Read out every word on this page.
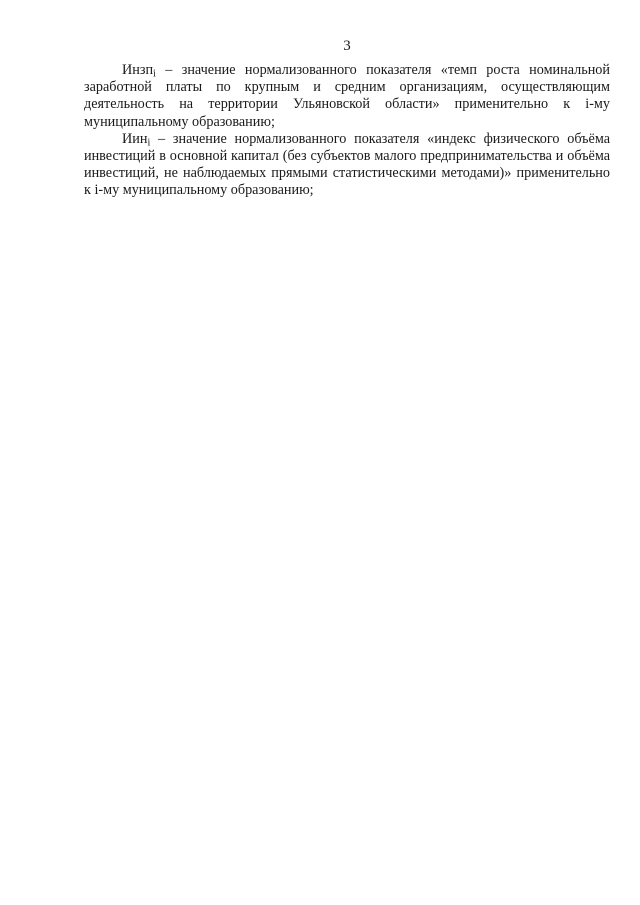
3

Инзп$_i$ – значение нормализованного показателя «темп роста номинальной заработной платы по крупным и средним организациям, осуществляющим деятельность на территории Ульяновской области» применительно к i-му муниципальному образованию;

Иин$_i$ – значение нормализованного показателя «индекс физического объёма инвестиций в основной капитал (без субъектов малого предпринимательства и объёма инвестиций, не наблюдаемых прямыми статистическими методами)» применительно к i-му муниципальному образованию;
